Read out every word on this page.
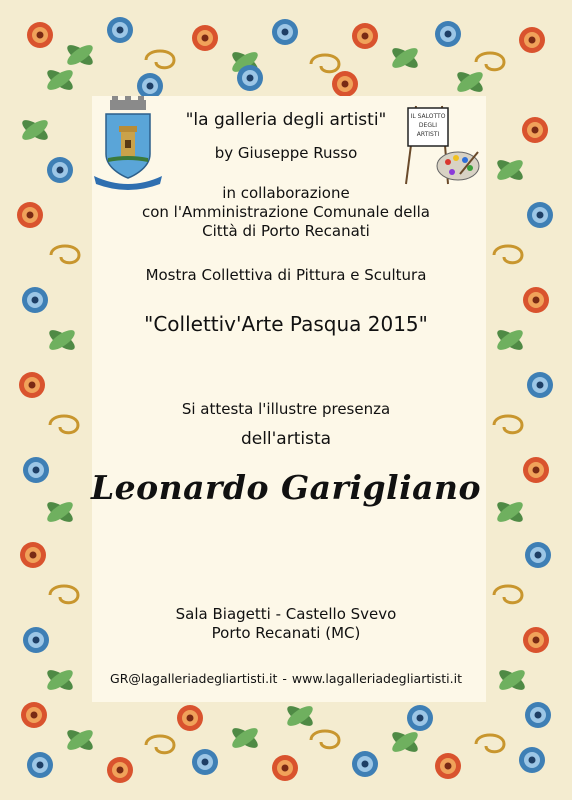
IL SALOTTO
DEGLI
ARTISTI
"la galleria degli artisti"
by Giuseppe Russo
in collaborazione
con l'Amministrazione Comunale della
Città di Porto Recanati
Mostra Collettiva di Pittura e Scultura
"Collettiv'Arte Pasqua 2015"
Si attesta l'illustre presenza
dell'artista
Leonardo Garigliano
Sala Biagetti - Castello Svevo
Porto Recanati (MC)
GR@lagalleriadegliartisti.it - www.lagalleriadegliartisti.it
